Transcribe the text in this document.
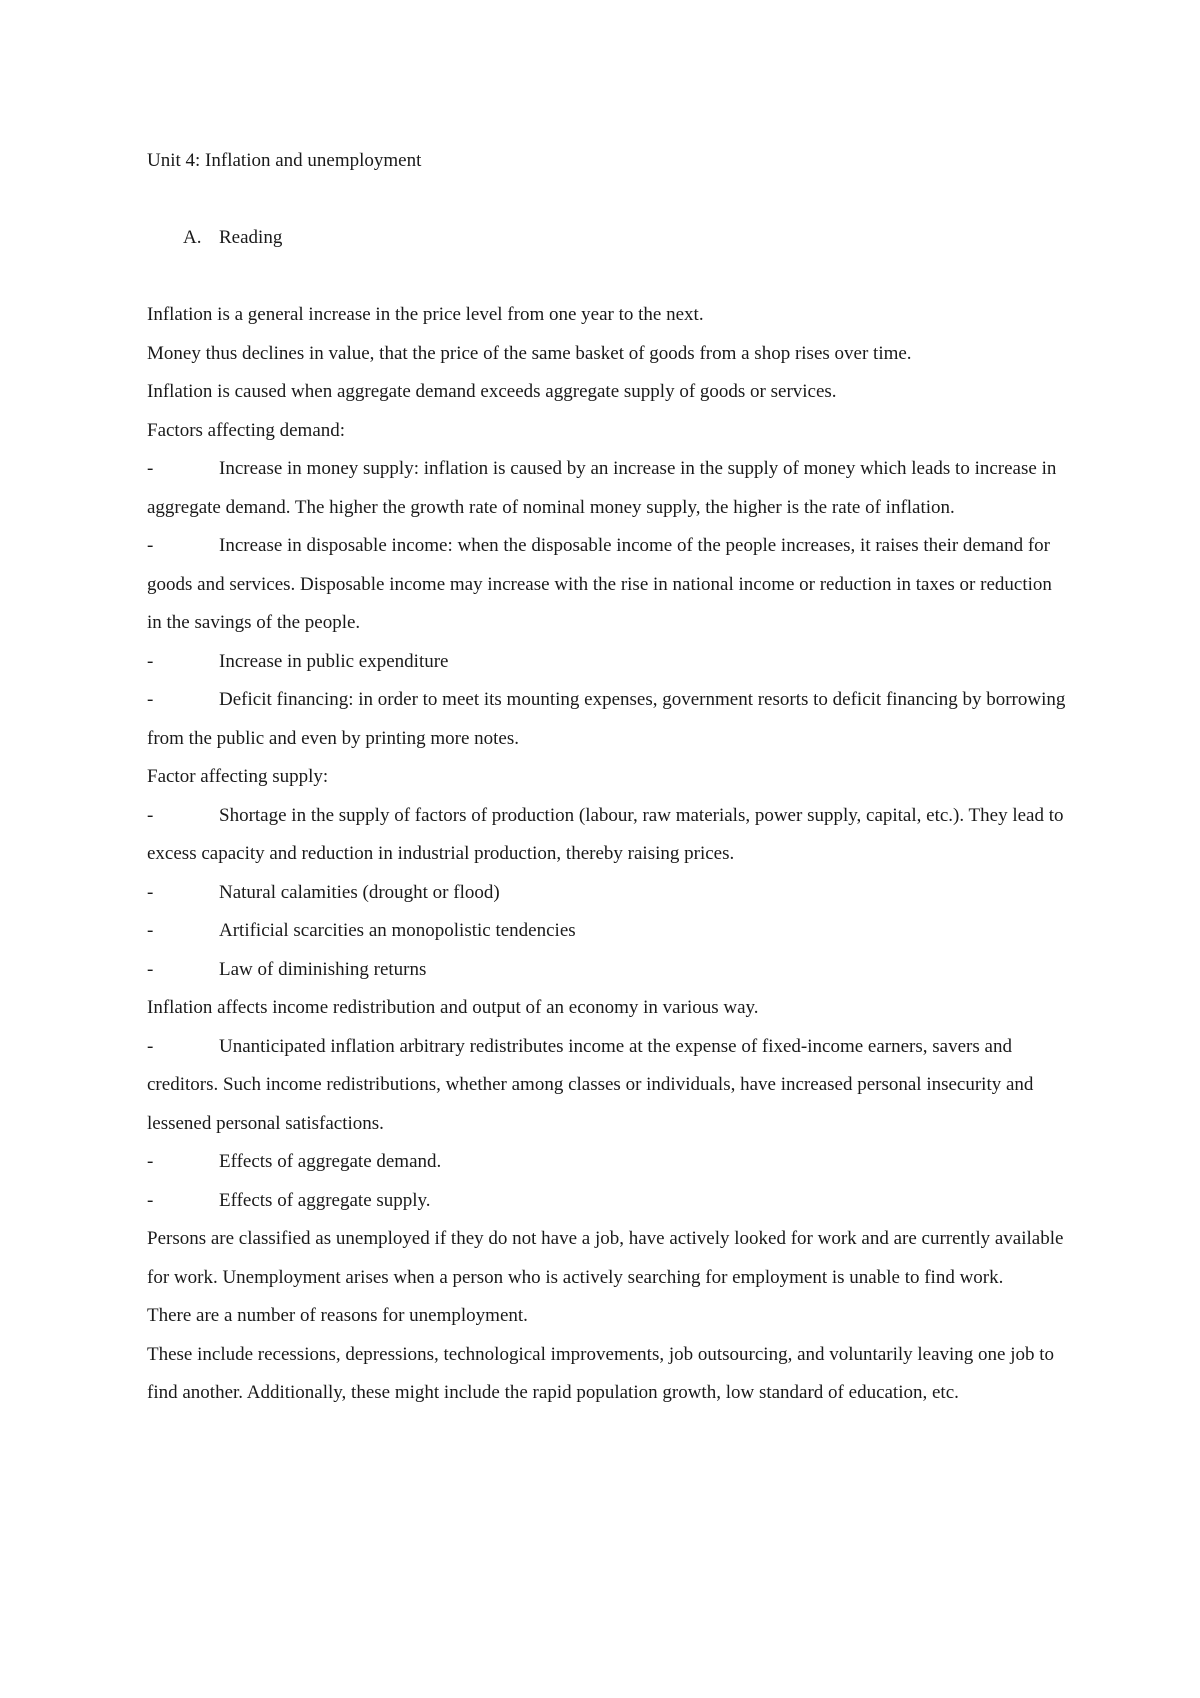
Unit 4: Inflation and unemployment
A. Reading

Inflation is a general increase in the price level from one year to the next.

Money thus declines in value, that the price of the same basket of goods from a shop rises over time.

Inflation is caused when aggregate demand exceeds aggregate supply of goods or services.

Factors affecting demand:

-	Increase in money supply: inflation is caused by an increase in the supply of money which leads to increase in aggregate demand. The higher the growth rate of nominal money supply, the higher is the rate of inflation.

-	Increase in disposable income: when the disposable income of the people increases, it raises their demand for goods and services. Disposable income may increase with the rise in national income or reduction in taxes or reduction in the savings of the people.

-	Increase in public expenditure

-	Deficit financing: in order to meet its mounting expenses, government resorts to deficit financing by borrowing from the public and even by printing more notes.

Factor affecting supply:

-	Shortage in the supply of factors of production (labour, raw materials, power supply, capital, etc.). They lead to excess capacity and reduction in industrial production, thereby raising prices.

-	Natural calamities (drought or flood)

-	Artificial scarcities an monopolistic tendencies

-	Law of diminishing returns

Inflation affects income redistribution and output of an economy in various way.

-	Unanticipated inflation arbitrary redistributes income at the expense of fixed-income earners, savers and creditors. Such income redistributions, whether among classes or individuals, have increased personal insecurity and lessened personal satisfactions.

-	Effects of aggregate demand.

-	Effects of aggregate supply.

Persons are classified as unemployed if they do not have a job, have actively looked for work and are currently available for work. Unemployment arises when a person who is actively searching for employment is unable to find work.

There are a number of reasons for unemployment.

These include recessions, depressions, technological improvements, job outsourcing, and voluntarily leaving one job to find another. Additionally, these might include the rapid population growth, low standard of education, etc.
